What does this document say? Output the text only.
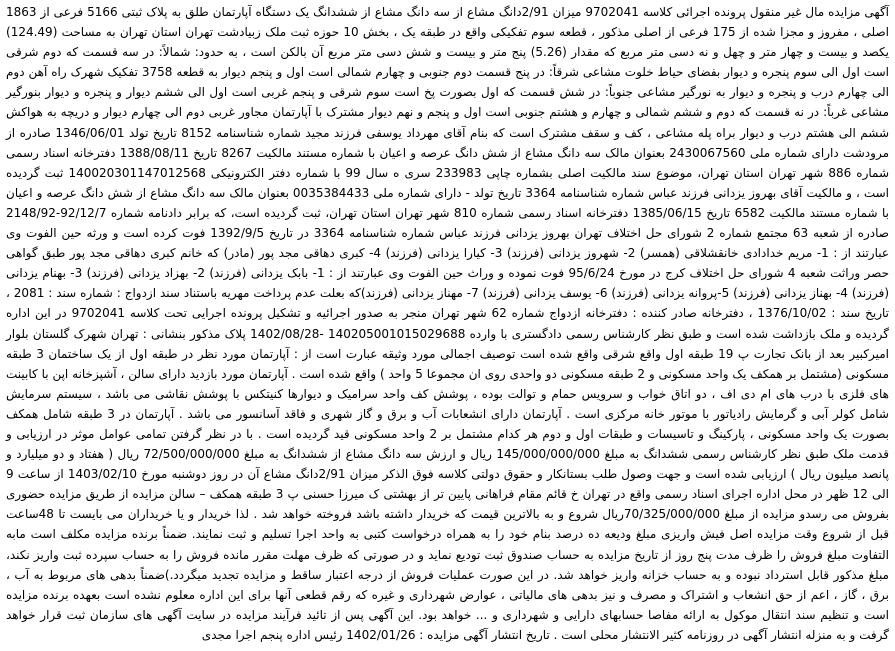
آگهی مزایده مال غیر منقول پرونده اجرائی کلاسه 9702041 میزان 2/91دانگ مشاع از سه دانگ مشاع از ششدانگ یک دستگاه آپارتمان طلق به پلاک ثبتی 5166 فرعی از 1863 اصلی ، مفروز و مجزا شده از 175 فرعی از اصلی مذکور ، قطعه سوم تفکیکی واقع در طبقه یک ، بخش 10 حوزه ثبت ملک زبیادشت تهران استان تهران به مساحت (124.49) یکصد و بیست و چهار متر و چهل و نه دسی متر مربع که مقدار (5.26) پنج متر و بیست و شش دسی متر مربع آن بالکن است ، به حدود: شمالاً: در سه قسمت که دوم شرقی است اول الی سوم پنجره و دیوار بفضای حیاط خلوت مشاعی شرقاً: در پنج قسمت دوم جنوبی و چهارم شمالی است اول و پنجم دیوار به قطعه 3758 تفکیک شهرک راه آهن دوم الی چهارم درب و پنجره و دیوار به نورگیر مشاعی جنوباً: در شش قسمت که اول بصورت پخ است سوم شرقی و پنجم غربی است اول الی ششم دیوار و پنجره و دیوار بنورگیر مشاعی غرباً: در نه قسمت که دوم و ششم شمالی و چهارم و هشتم جنوبی است اول و پنجم و نهم دیوار مشترک با آپارتمان مجاور غربی دوم الی چهارم دیوار و دریچه به هواکش ششم الی هشتم درب و دیوار براه پله مشاعی ، کف و سقف مشترک است که بنام آقای مهرداد یوسفی فرزند مجید شماره شناسنامه 8152 تاریخ تولد 1346/06/01 صادره از مرودشت دارای شماره ملی 2430067560 بعنوان مالک سه دانگ مشاع از شش دانگ عرصه و اعیان با شماره مستند مالکیت 8267 تاریخ 1388/08/11 دفترخانه اسناد رسمی شماره 886 شهر تهران استان تهران، موضوع سند مالکیت اصلی بشماره چاپی 233983 سری ه سال 99 با شماره دفتر الکترونیکی 140020301147012568 ثبت گردیده است ، و مالکیت آقای بهروز یزدانی فرزند عباس شماره شناسنامه 3364 تاریخ تولد - دارای شماره ملی 0035384433 بعنوان مالک سه دانگ مشاع از شش دانگ عرصه و اعیان با شماره مستند مالکیت 6582 تاریخ 1385/06/15 دفترخانه اسناد رسمی شماره 810 شهر تهران استان تهران، ثبت گردیده است، که برابر دادنامه شماره 92/12/7-2148/92 صادره از شعبه 63 مجتمع شماره 2 شورای حل اختلاف تهران بهروز یزدانی فرزند عباس شماره شناسنامه 3364 در تاریخ 1392/9/5 فوت کرده است و ورثه حین الفوت وی عبارتند از : 1- مریم خدادادی خانقشلاقی (همسر) 2- شهروز یزدانی (فرزند) 3- کیارا یزدانی (فرزند) 4- کبری دهاقی مجد پور (مادر) که خانم کبری دهاقی مجد پور طبق گواهی حصر وراثت شعبه 4 شورای حل اختلاف کرج در مورخ 95/6/24 فوت نموده و وراث حین الفوت وی عبارتند از : 1- بابک یزدانی (فرزند) 2- بهزاد یزدانی (فرزند) 3- بهنام یزدانی (فرزند) 4- بهناز یزدانی (فرزند) 5-پروانه یزدانی (فرزند) 6- یوسف یزدانی (فرزند) 7- مهناز یزدانی (فرزند)که بعلت عدم پرداخت مهریه باستناد سند ازدواج : شماره سند : 2081 ، تاریخ سند : 1376/10/02 ، دفترخانه صادر کننده : دفترخانه ازدواج شماره 62 شهر تهران منجر به صدور اجرائیه و تشکیل پرونده اجرایی تحت کلاسه 9702041 در این اداره گردیده و ملک بازداشت شده است و طبق نظر کارشناس رسمی دادگستری با وارده 140205001015029688 -1402/08/28 پلاک مذکور بنشانی : تهران شهرک گلستان بلوار امیرکبیر بعد از بانک تجارت پ 19 طبقه اول واقع شرقی واقع شده است توصیف اجمالی مورد وثیقه عبارت است از : آپارتمان مورد نظر در طبقه اول از یک ساختمان 3 طبقه مسکونی (مشتمل بر همکف یک واحد مسکونی و 2 طبقه مسکونی دو واحدی روی ان مجموعا 5 واحد ) واقع شده است . آپارتمان مورد بازدید دارای سالن ، آشپزخانه اپن با کابینت های فلزی با درب های ام دی اف ، دو اتاق خواب و سرویس حمام و توالت بوده ، پوشش کف واحد سرامیک و دیوارها کنیتکس با پوشش نقاشی می باشد ، سیستم سرمایش شامل کولر آبی و گرمایش رادیاتور با موتور خانه مرکزی است . آپارتمان دارای انشعابات آب و برق و گاز شهری و فاقد آسانسور می باشد . آپارتمان در 3 طبقه شامل همکف بصورت یک واحد مسکونی ، پارکینگ و تاسیسات و طبقات اول و دوم هر کدام مشتمل بر 2 واحد مسکونی قید گردیده است . با در نظر گرفتن تمامی عوامل موثر در ارزیابی و قدمت ملک طبق نظر کارشناس رسمی ششدانگ به مبلغ 145/000/000/000 ریال و ارزش سه دانگ مشاع از ششدانگ به مبلغ 72/500/000/000 ریال ( هفتاد و دو میلیارد و پانصد میلیون ریال ) ارزیابی شده است و جهت وصول طلب بستانکار و حقوق دولتی کلاسه فوق الذکر میزان 2/91دانگ مشاع آن در روز دوشنبه مورخ 1403/02/10 از ساعت 9 الی 12 ظهر در محل اداره اجرای اسناد رسمی واقع در تهران خ قائم مقام فراهانی پایین تر از بهشتی ک میرزا حسنی پ 3 طبقه همکف – سالن مزایده از طریق مزایده حضوری بفروش می رسدو مزایده از مبلغ 70/325/000/000ریال شروع و به بالاترین قیمت که خریدار داشته باشد فروخته خواهد شد . لذا خریدار و یا خریداران می بایست تا 48ساعت قبل از شروع وقت مزایده اصل فیش واریزی مبلغ ودیعه ده درصد بنام خود را به همراه درخواست کتبی به واحد اجرا تسلیم و ثبت نمایند. ضمناً برنده مزایده مکلف است مابه التفاوت مبلغ فروش را ظرف مدت پنج روز از تاریخ مزایده به حساب صندوق ثبت تودیع نماید و در صورتی که ظرف مهلت مقرر مانده فروش را به حساب سپرده ثبت واریز نکند، مبلغ مذکور قابل استرداد نبوده و به حساب خزانه واریز خواهد شد. در این صورت عملیات فروش از درجه اعتبار ساقط و مزایده تجدید میگردد.)ضمناً بدهی های مربوط به آب ، برق ، گاز ، اعم از حق انشعاب و اشتراک و مصرف و نیز بدهی های مالیاتی ، عوارض شهرداری و غیره که رقم قطعی آنها برای این اداره معلوم نشده است بعهده برنده مزایده است و تنظیم سند انتقال موکول به ارائه مفاصا حسابهای دارایی و شهرداری و ... خواهد بود. این آگهی پس از تائید فرآیند مزایده در سایت آگهی های سازمان ثبت قرار خواهد گرفت و به منزله انتشار آگهی در روزنامه کثیر الانتشار محلی است . تاریخ انتشار آگهی مزایده : 1402/01/26 رئیس اداره پنجم اجرا مجدی
